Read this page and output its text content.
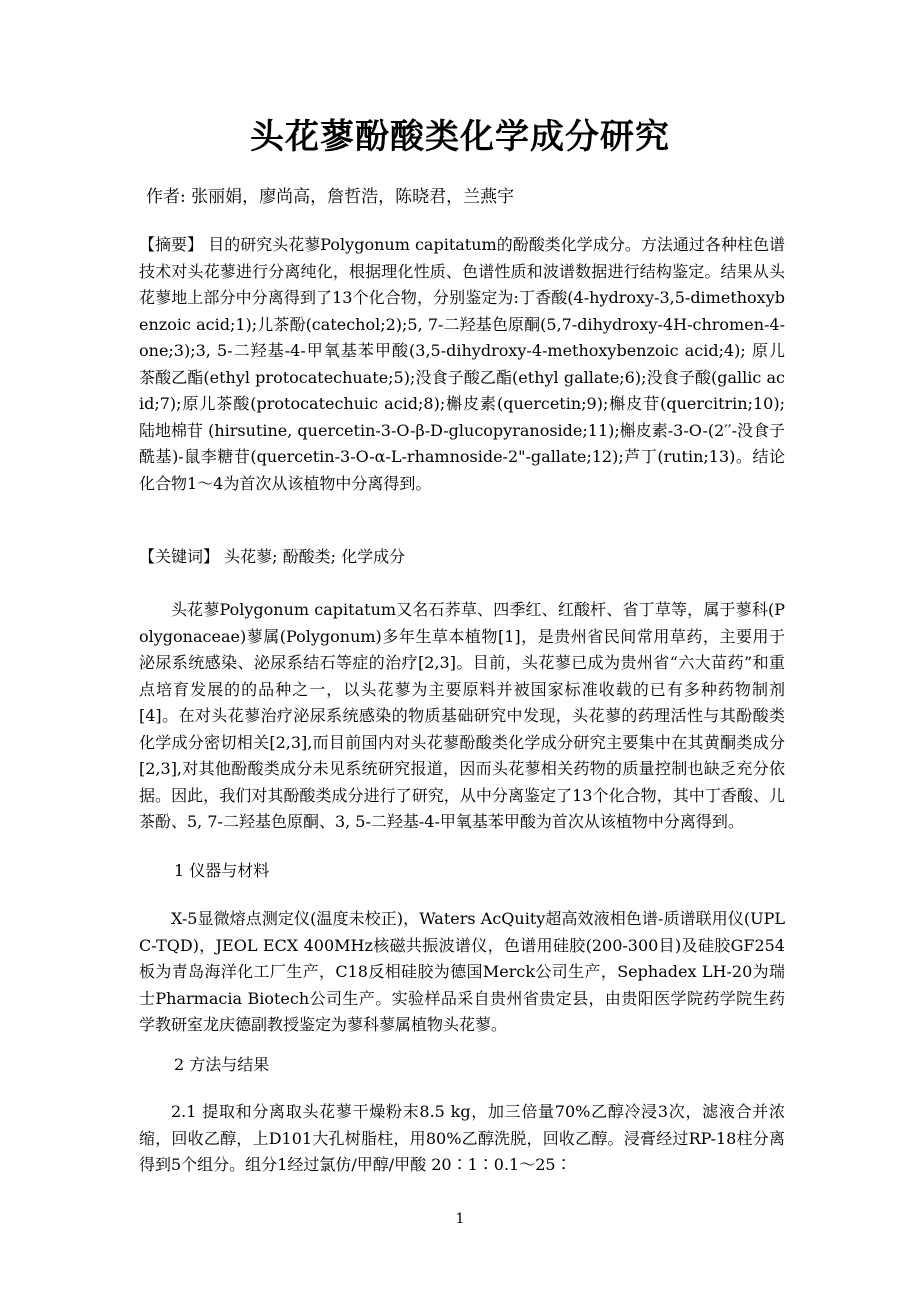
头花蓼酚酸类化学成分研究
作者: 张丽娟，廖尚高，詹哲浩，陈晓君，兰燕宇

【摘要】 目的研究头花蓼Polygonum capitatum的酚酸类化学成分。方法通过各种柱色谱技术对头花蓼进行分离纯化，根据理化性质、色谱性质和波谱数据进行结构鉴定。结果从头花蓼地上部分中分离得到了13个化合物，分别鉴定为:丁香酸(4-hydroxy-3,5-dimethoxybenzoic acid;1);儿茶酚(catechol;2);5, 7-二羟基色原酮(5,7-dihydroxy-4H-chromen-4-one;3);3, 5-二羟基-4-甲氧基苯甲酸(3,5-dihydroxy-4-methoxybenzoic acid;4); 原儿茶酸乙酯(ethyl protocatechuate;5);没食子酸乙酯(ethyl gallate;6);没食子酸(gallic acid;7);原儿茶酸(protocatechuic acid;8);槲皮素(quercetin;9);槲皮苷(quercitrin;10); 陆地棉苷 (hirsutine, quercetin-3-O-β-D-glucopyranoside;11);槲皮素-3-O-(2′′-没食子酰基)-鼠李糖苷(quercetin-3-O-α-L-rhamnoside-2"-gallate;12);芦丁(rutin;13)。结论化合物1～4为首次从该植物中分离得到。

【关键词】 头花蓼; 酚酸类; 化学成分

头花蓼Polygonum capitatum又名石荞草、四季红、红酸杆、省丁草等，属于蓼科(Polygonaceae)蓼属(Polygonum)多年生草本植物[1]，是贵州省民间常用草药，主要用于泌尿系统感染、泌尿系结石等症的治疗[2,3]。目前，头花蓼已成为贵州省“六大苗药”和重点培育发展的的品种之一，以头花蓼为主要原料并被国家标准收载的已有多种药物制剂[4]。在对头花蓼治疗泌尿系统感染的物质基础研究中发现，头花蓼的药理活性与其酚酸类化学成分密切相关[2,3],而目前国内对头花蓼酚酸类化学成分研究主要集中在其黄酮类成分[2,3],对其他酚酸类成分未见系统研究报道，因而头花蓼相关药物的质量控制也缺乏充分依据。因此，我们对其酚酸类成分进行了研究，从中分离鉴定了13个化合物，其中丁香酸、儿茶酚、5, 7-二羟基色原酮、3, 5-二羟基-4-甲氧基苯甲酸为首次从该植物中分离得到。

1 仪器与材料

X-5显微熔点测定仪(温度未校正)，Waters AcQuity超高效液相色谱-质谱联用仪(UPLC-TQD)，JEOL ECX 400MHz核磁共振波谱仪，色谱用硅胶(200-300目)及硅胶GF254板为青岛海洋化工厂生产，C18反相硅胶为德国Merck公司生产，Sephadex LH-20为瑞士Pharmacia Biotech公司生产。实验样品采自贵州省贵定县，由贵阳医学院药学院生药学教研室龙庆德副教授鉴定为蓼科蓼属植物头花蓼。

2 方法与结果

2.1 提取和分离取头花蓼干燥粉末8.5 kg，加三倍量70%乙醇冷浸3次，滤液合并浓缩，回收乙醇，上D101大孔树脂柱，用80%乙醇洗脱，回收乙醇。浸膏经过RP-18柱分离得到5个组分。组分1经过氯仿/甲醇/甲酸 20∶1∶0.1～25∶

1
